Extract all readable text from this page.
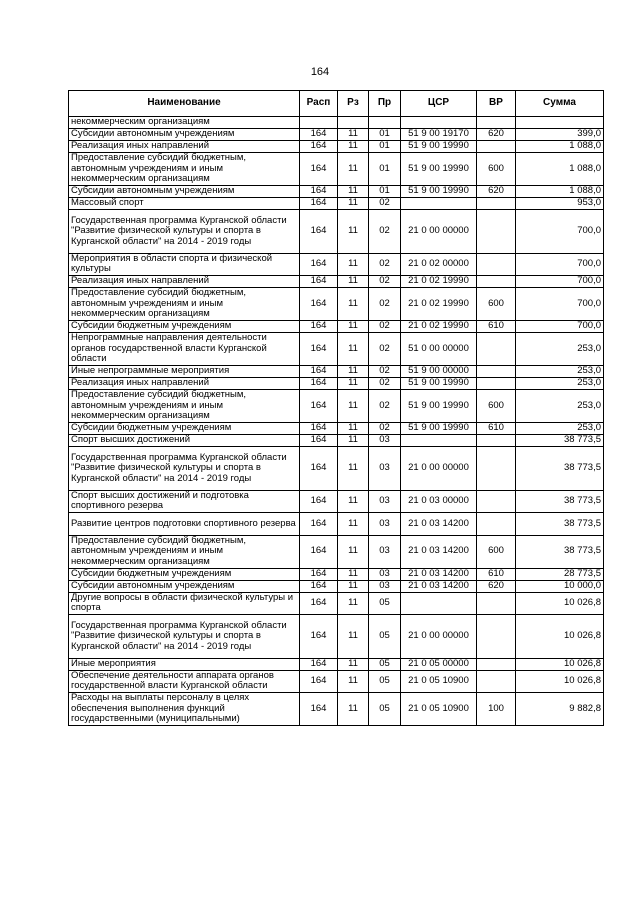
164
Наименование	Расп	Рз	Пр	ЦСР	ВР	Сумма
некоммерческим организациям						
Субсидии автономным учреждениям	164	11	01	51 9 00 19170	620	399,0
Реализация иных направлений	164	11	01	51 9 00 19990		1 088,0
Предоставление субсидий бюджетным, автономным учреждениям и иным некоммерческим организациям	164	11	01	51 9 00 19990	600	1 088,0
Субсидии автономным учреждениям	164	11	01	51 9 00 19990	620	1 088,0
Массовый спорт	164	11	02			953,0
Государственная программа Курганской области "Развитие физической культуры и спорта в Курганской области" на 2014 - 2019 годы	164	11	02	21 0 00 00000		700,0
Мероприятия в области спорта и физической культуры	164	11	02	21 0 02 00000		700,0
Реализация иных направлений	164	11	02	21 0 02 19990		700,0
Предоставление субсидий бюджетным, автономным учреждениям и иным некоммерческим организациям	164	11	02	21 0 02 19990	600	700,0
Субсидии бюджетным учреждениям	164	11	02	21 0 02 19990	610	700,0
Непрограммные направления деятельности органов государственной власти Курганской области	164	11	02	51 0 00 00000		253,0
Иные непрограммные мероприятия	164	11	02	51 9 00 00000		253,0
Реализация иных направлений	164	11	02	51 9 00 19990		253,0
Предоставление субсидий бюджетным, автономным учреждениям и иным некоммерческим организациям	164	11	02	51 9 00 19990	600	253,0
Субсидии бюджетным учреждениям	164	11	02	51 9 00 19990	610	253,0
Спорт высших достижений	164	11	03			38 773,5
Государственная программа Курганской области "Развитие физической культуры и спорта в Курганской области" на 2014 - 2019 годы	164	11	03	21 0 00 00000		38 773,5
Спорт высших достижений и подготовка спортивного резерва	164	11	03	21 0 03 00000		38 773,5
Развитие центров подготовки спортивного резерва	164	11	03	21 0 03 14200		38 773,5
Предоставление субсидий бюджетным, автономным учреждениям и иным некоммерческим организациям	164	11	03	21 0 03 14200	600	38 773,5
Субсидии бюджетным учреждениям	164	11	03	21 0 03 14200	610	28 773,5
Субсидии автономным учреждениям	164	11	03	21 0 03 14200	620	10 000,0
Другие вопросы в области физической культуры и спорта	164	11	05			10 026,8
Государственная программа Курганской области "Развитие физической культуры и спорта в Курганской области" на 2014 - 2019 годы	164	11	05	21 0 00 00000		10 026,8
Иные мероприятия	164	11	05	21 0 05 00000		10 026,8
Обеспечение деятельности аппарата органов государственной власти Курганской области	164	11	05	21 0 05 10900		10 026,8
Расходы на выплаты персоналу в целях обеспечения выполнения функций государственными (муниципальными)	164	11	05	21 0 05 10900	100	9 882,8
